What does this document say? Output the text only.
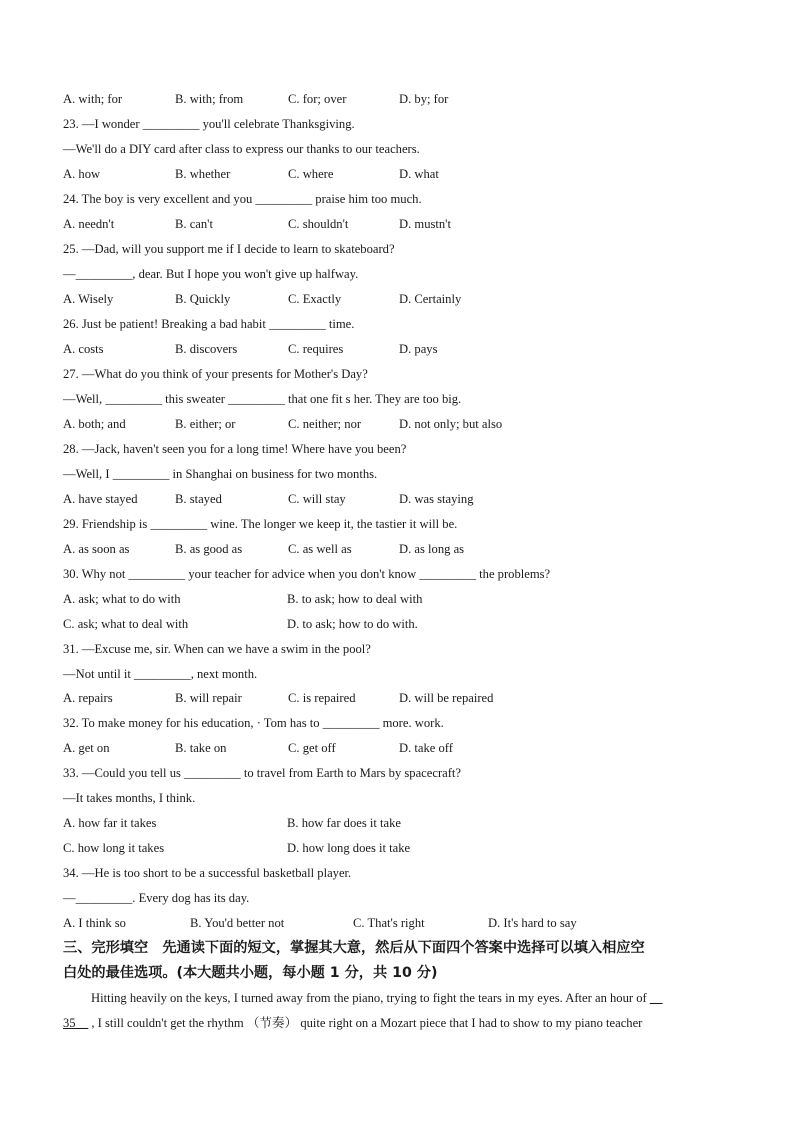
A. with; for	B. with; from	C. for; over	D. by; for
23. —I wonder _________ you'll celebrate Thanksgiving.
—We'll do a DIY card after class to express our thanks to our teachers.
A. how	B. whether	C. where	D. what
24. The boy is very excellent and you _________ praise him too much.
A. needn't	B. can't	C. shouldn't	D. mustn't
25. —Dad, will you support me if I decide to learn to skateboard?
—_________, dear. But I hope you won't give up halfway.
A. Wisely	B. Quickly	C. Exactly	D. Certainly
26. Just be patient! Breaking a bad habit _________ time.
A. costs	B. discovers	C. requires	D. pays
27. —What do you think of your presents for Mother's Day?
—Well, _________ this sweater _________ that one fit s her. They are too big.
A. both; and	B. either; or	C. neither; nor	D. not only; but also
28. —Jack, haven't seen you for a long time! Where have you been?
—Well, I _________ in Shanghai on business for two months.
A. have stayed	B. stayed	C. will stay	D. was staying
29. Friendship is _________ wine. The longer we keep it, the tastier it will be.
A. as soon as	B. as good as	C. as well as	D. as long as
30. Why not _________ your teacher for advice when you don't know _________ the problems?
A. ask; what to do with	B. to ask; how to deal with
C. ask; what to deal with	D. to ask; how to do with.
31. —Excuse me, sir. When can we have a swim in the pool?
—Not until it _________, next month.
A. repairs	B. will repair	C. is repaired	D. will be repaired
32. To make money for his education, · Tom has to _________ more. work.
A. get on	B. take on	C. get off	D. take off
33. —Could you tell us _________ to travel from Earth to Mars by spacecraft?
—It takes months, I think.
A. how far it takes	B. how far does it take
C. how long it takes	D. how long does it take
34. —He is too short to be a successful basketball player.
—_________. Every dog has its day.
A. I think so	B. You'd better not	C. That's right	D. It's hard to say
三、完形填空　先通读下面的短文，掌握其大意，然后从下面四个答案中选择可以填入相应空
白处的最佳选项。(本大题共小题，每小题 1 分，共 10 分)
Hitting heavily on the keys, I turned away from the piano, trying to fight the tears in my eyes. After an hour of __
35__ , I still couldn't get the rhythm （节奏） quite right on a Mozart piece that I had to show to my piano teacher
